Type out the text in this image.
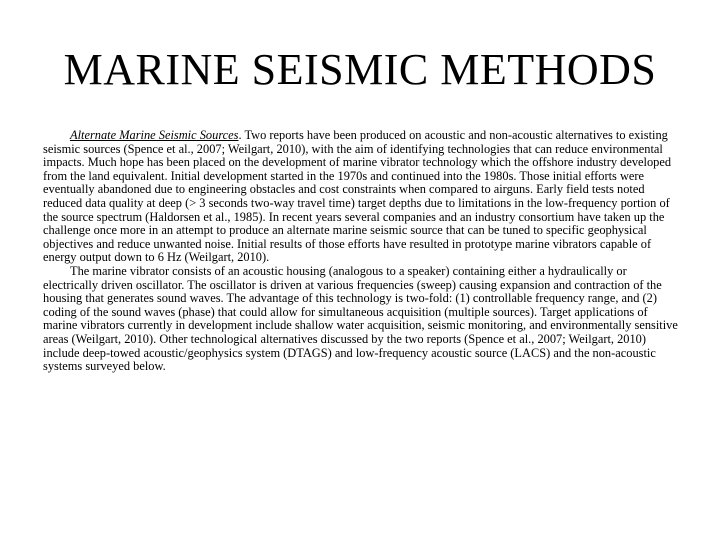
MARINE SEISMIC METHODS

Alternate Marine Seismic Sources. Two reports have been produced on acoustic and non-acoustic alternatives to existing seismic sources (Spence et al., 2007; Weilgart, 2010), with the aim of identifying technologies that can reduce environmental impacts. Much hope has been placed on the development of marine vibrator technology which the offshore industry developed from the land equivalent. Initial development started in the 1970s and continued into the 1980s. Those initial efforts were eventually abandoned due to engineering obstacles and cost constraints when compared to airguns. Early field tests noted reduced data quality at deep (> 3 seconds two-way travel time) target depths due to limitations in the low-frequency portion of the source spectrum (Haldorsen et al., 1985). In recent years several companies and an industry consortium have taken up the challenge once more in an attempt to produce an alternate marine seismic source that can be tuned to specific geophysical objectives and reduce unwanted noise. Initial results of those efforts have resulted in prototype marine vibrators capable of energy output down to 6 Hz (Weilgart, 2010).

The marine vibrator consists of an acoustic housing (analogous to a speaker) containing either a hydraulically or electrically driven oscillator. The oscillator is driven at various frequencies (sweep) causing expansion and contraction of the housing that generates sound waves. The advantage of this technology is two-fold: (1) controllable frequency range, and (2) coding of the sound waves (phase) that could allow for simultaneous acquisition (multiple sources). Target applications of marine vibrators currently in development include shallow water acquisition, seismic monitoring, and environmentally sensitive areas (Weilgart, 2010). Other technological alternatives discussed by the two reports (Spence et al., 2007; Weilgart, 2010) include deep-towed acoustic/geophysics system (DTAGS) and low-frequency acoustic source (LACS) and the non-acoustic systems surveyed below.
